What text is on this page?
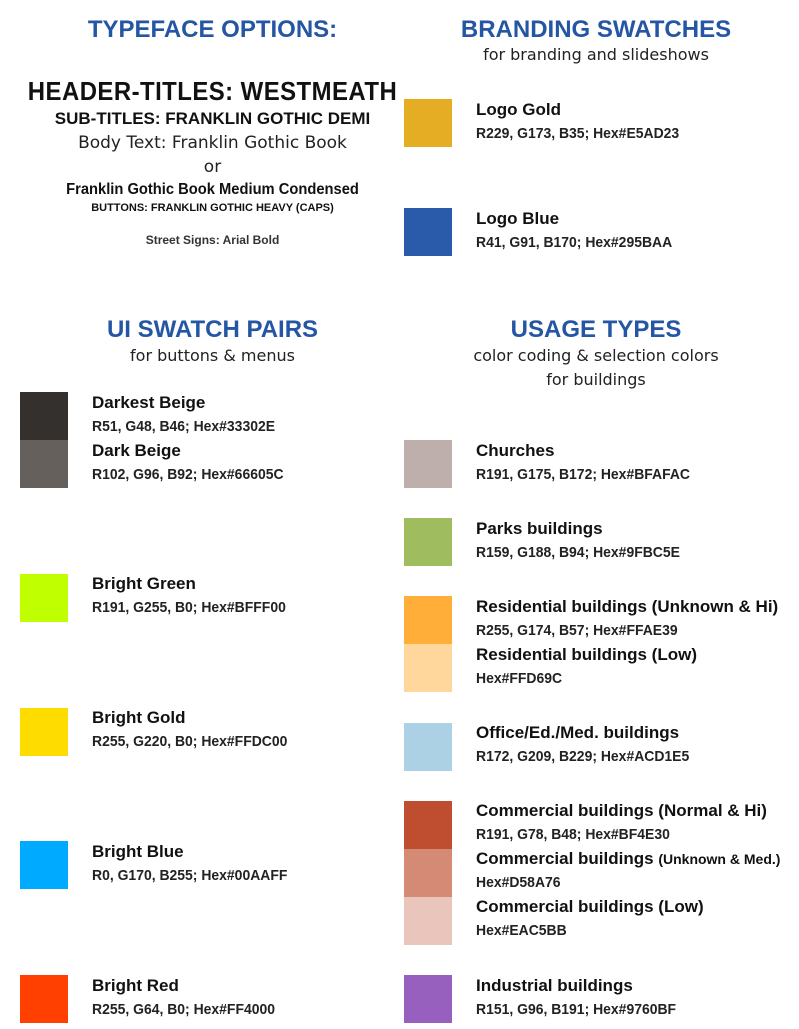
TYPEFACE OPTIONS:
HEADER-TITLES: WESTMEATH
SUB-TITLES: FRANKLIN GOTHIC DEMI
Body Text: Franklin Gothic Book
or
Franklin Gothic Book Medium Condensed
BUTTONS: FRANKLIN GOTHIC HEAVY (CAPS)
Street Signs: Arial Bold
BRANDING SWATCHES
for branding and slideshows
Logo Gold
R229, G173, B35; Hex#E5AD23
Logo Blue
R41, G91, B170; Hex#295BAA
UI SWATCH PAIRS
for buttons & menus
Darkest Beige
R51, G48, B46; Hex#33302E
Dark Beige
R102, G96, B92; Hex#66605C
Bright Green
R191, G255, B0; Hex#BFFF00
Bright Gold
R255, G220, B0; Hex#FFDC00
Bright Blue
R0, G170, B255; Hex#00AAFF
Bright Red
R255, G64, B0; Hex#FF4000
USAGE TYPES
color coding & selection colors
for buildings
Churches
R191, G175, B172; Hex#BFAFAC
Parks buildings
R159, G188, B94; Hex#9FBC5E
Residential buildings (Unknown & Hi)
R255, G174, B57; Hex#FFAE39
Residential buildings (Low)
Hex#FFD69C
Office/Ed./Med. buildings
R172, G209, B229; Hex#ACD1E5
Commercial buildings (Normal & Hi)
R191, G78, B48; Hex#BF4E30
Commercial buildings (Unknown & Med.)
Hex#D58A76
Commercial buildings (Low)
Hex#EAC5BB
Industrial buildings
R151, G96, B191; Hex#9760BF
